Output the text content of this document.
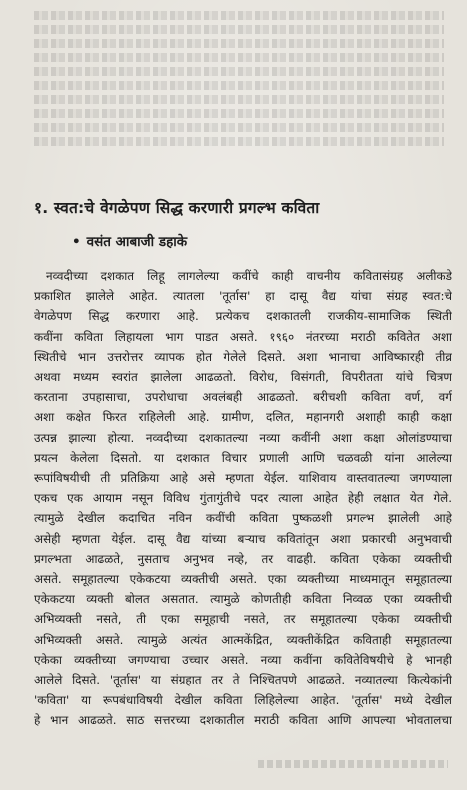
१. स्वत:चे वेगळेपण सिद्ध करणारी प्रगल्भ कविता
• वसंत आबाजी डहाके
नव्वदीच्या दशकात लिहू लागलेल्या कवींचे काही वाचनीय कवितासंग्रह अलीकडे
प्रकाशित झालेले आहेत. त्यातला 'तूर्तास' हा दासू वैद्य यांचा संग्रह स्वत:चे
वेगळेपण सिद्ध करणारा आहे. प्रत्येकच दशकातली राजकीय-सामाजिक स्थिती
कवींना कविता लिहायला भाग पाडत असते. १९६० नंतरच्या मराठी कवितेत अशा
स्थितीचे भान उत्तरोत्तर व्यापक होत गेलेले दिसते. अशा भानाचा आविष्कारही तीव्र
अथवा मध्यम स्वरांत झालेला आढळतो. विरोध, विसंगती, विपरीतता यांचे चित्रण
करताना उपहासाचा, उपरोधाचा अवलंबही आढळतो. बरीचशी कविता वर्ण, वर्ग
अशा कक्षेत फिरत राहिलेली आहे. ग्रामीण, दलित, महानगरी अशाही काही कक्षा
उत्पन्न झाल्या होत्या. नव्वदीच्या दशकातल्या नव्या कवींनी अशा कक्षा ओलांडण्याचा
प्रयत्न केलेला दिसतो. या दशकात विचार प्रणाली आणि चळवळी यांना आलेल्या
रूपांविषयीची ती प्रतिक्रिया आहे असे म्हणता येईल. याशिवाय वास्तवातल्या जगण्याला
एकच एक आयाम नसून विविध गुंतागुंतीचे पदर त्याला आहेत हेही लक्षात येत गेले.
त्यामुळे देखील कदाचित नविन कवींची कविता पुष्कळशी प्रगल्भ झालेली आहे
असेही म्हणता येईल. दासू वैद्य यांच्या बऱ्याच कवितांतून अशा प्रकारची अनुभवाची
प्रगल्भता आढळते, नुसताच अनुभव नव्हे, तर वाढही. कविता एकेका व्यक्तीची
असते. समूहातल्या एकेकटया व्यक्तीची असते. एका व्यक्तीच्या माध्यमातून समूहातल्या
एकेकटया व्यक्ती बोलत असतात. त्यामुळे कोणतीही कविता निव्वळ एका व्यक्तीची
अभिव्यक्ती नसते, ती एका समूहाची नसते, तर समूहातल्या एकेका व्यक्तीची
अभिव्यक्ती असते. त्यामुळे अत्यंत आत्मकेंद्रित, व्यक्तीकेंद्रित कविताही समूहातल्या
एकेका व्यक्तीच्या जगण्याचा उच्चार असते. नव्या कवींना कवितेविषयीचे हे भानही
आलेले दिसते. 'तूर्तास' या संग्रहात तर ते निश्चितपणे आढळते. नव्यातल्या कित्येकांनी
'कविता' या रूपबंधाविषयी देखील कविता लिहिलेल्या आहेत. 'तूर्तास' मध्ये देखील
हे भान आढळते. साठ सत्तरच्या दशकातील मराठी कविता आणि आपल्या भोवतालचा
